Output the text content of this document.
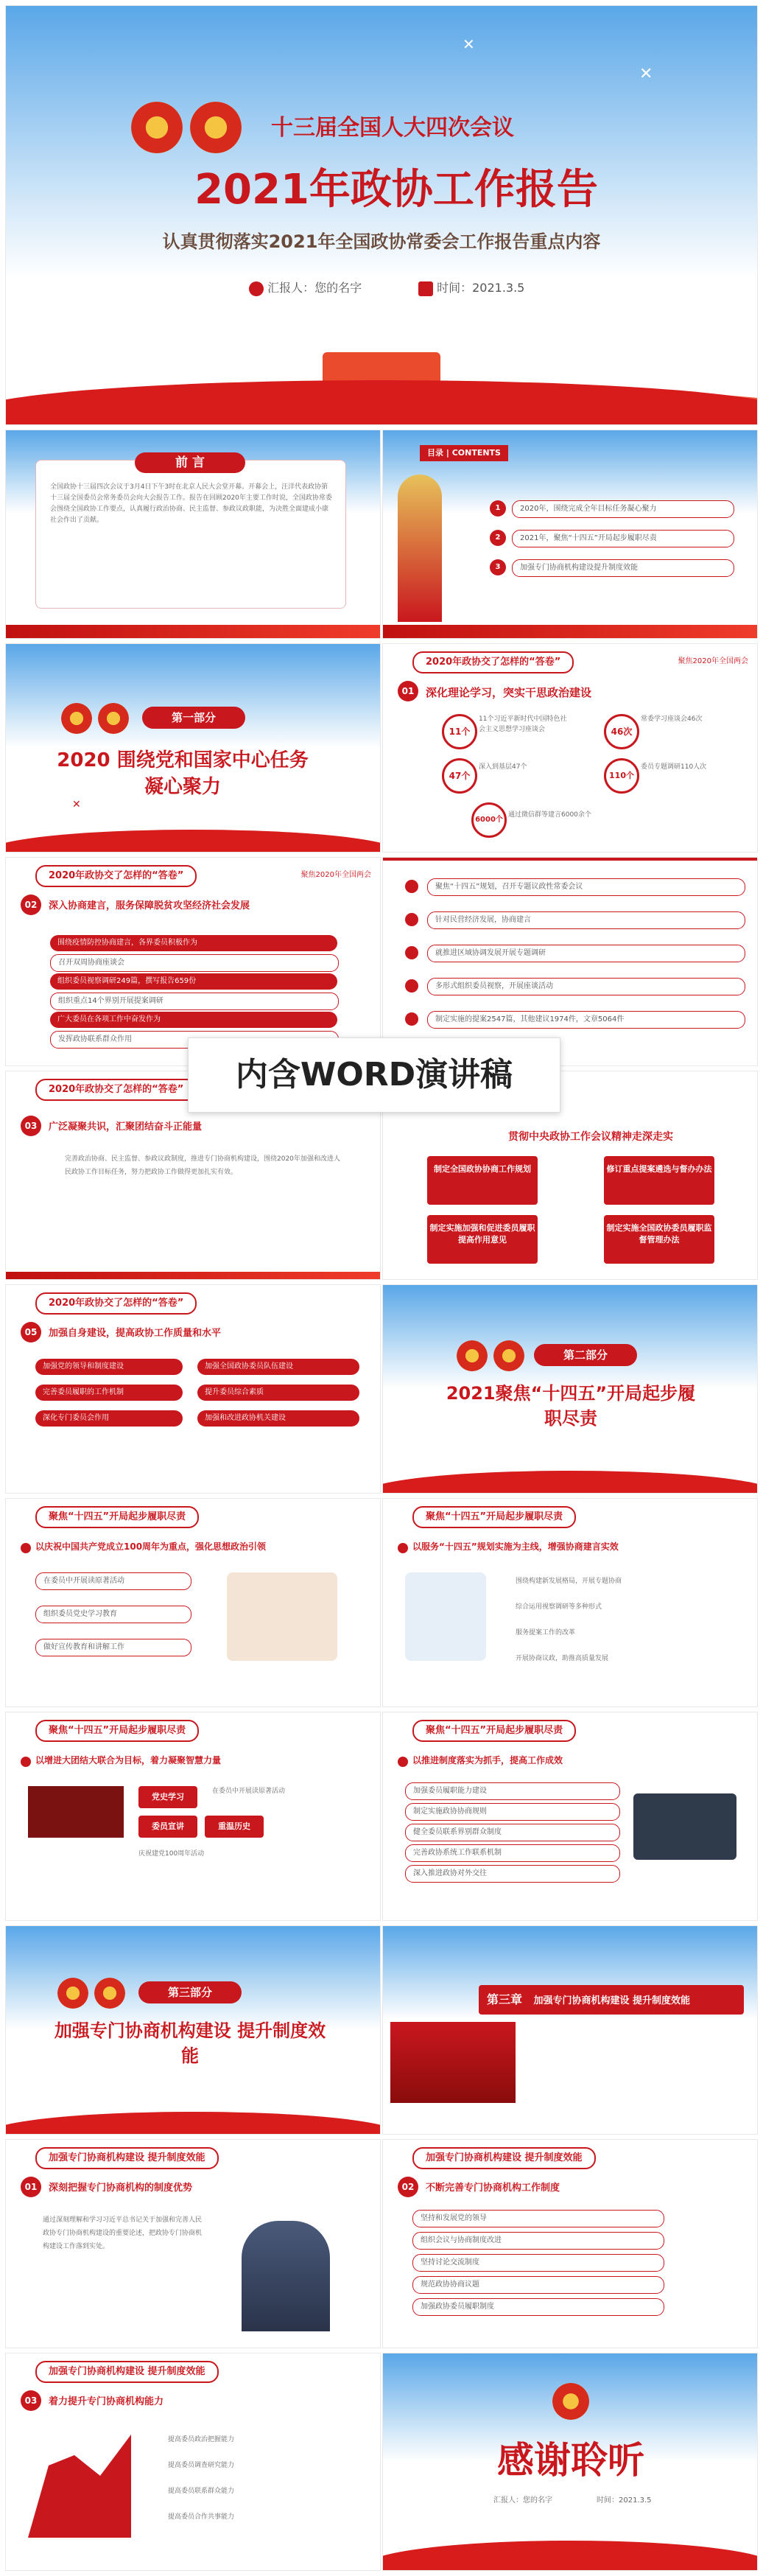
✕
✕
十三届全国人大四次会议
2021年政协工作报告
认真贯彻落实2021年全国政协常委会工作报告重点内容
汇报人：您的名字	时间：2021.3.5
前 言
全国政协十三届四次会议于3月4日下午3时在北京人民大会堂开幕。开幕会上，汪洋代表政协第十三届全国委员会常务委员会向大会报告工作。报告在回顾2020年主要工作时说，全国政协常委会围绕全国政协工作要点，认真履行政治协商、民主监督、参政议政职能，为决胜全面建成小康社会作出了贡献。
目录 | CONTENTS
1	2020年，围绕完成全年目标任务凝心聚力
2	2021年，聚焦“十四五”开局起步履职尽责
3	加强专门协商机构建设提升制度效能
第一部分
2020 围绕党和国家中心任务凝心聚力
✕
2020年政协交了怎样的“答卷”	聚焦2020年全国两会
01	深化理论学习，突实干思政治建设
11个
11个习近平新时代中国特色社会主义思想学习座谈会	46次
常委学习座谈会46次
47个
深入到基层47个
110个
委员专题调研110人次
6000个
通过微信群等建言6000余个
2020年政协交了怎样的“答卷”	聚焦2020年全国两会
02	深入协商建言，服务保障脱贫攻坚经济社会发展
围绕疫情防控协商建言，各界委员积极作为
召开双周协商座谈会
组织委员视察调研249篇，撰写报告659份
组织重点14个界别开展提案调研
广大委员在各项工作中奋发作为
发挥政协联系群众作用
聚焦“十四五”规划，召开专题议政性常委会议
针对民营经济发展，协商建言
就推进区域协调发展开展专题调研
多形式组织委员视察，开展座谈活动
制定实施的提案2547篇，其他建议1974件，文章5064件
2020年政协交了怎样的“答卷”
03	广泛凝聚共识，汇聚团结奋斗正能量
完善政治协商、民主监督、参政议政制度，推进专门协商机构建设，围绕2020年加强和改进人民政协工作目标任务，努力把政协工作做得更加扎实有效。
贯彻中央政协工作会议精神走深走实
制定全国政协协商工作规划	修订重点提案遴选与督办办法
制定实施加强和促进委员履职提高作用意见
制定实施全国政协委员履职监督管理办法
内含WORD演讲稿
2020年政协交了怎样的“答卷”
05	加强自身建设，提高政协工作质量和水平
加强党的领导和制度建设	加强全国政协委员队伍建设
完善委员履职的工作机制	提升委员综合素质
深化专门委员会作用	加强和改进政协机关建设
第二部分
2021聚焦“十四五”开局起步履职尽责
聚焦“十四五”开局起步履职尽责
以庆祝中国共产党成立100周年为重点，强化思想政治引领
在委员中开展读原著活动
组织委员党史学习教育
做好宣传教育和讲解工作
聚焦“十四五”开局起步履职尽责
以服务“十四五”规划实施为主线，增强协商建言实效
围绕构建新发展格局，开展专题协商
综合运用视察调研等多种形式
服务提案工作的改革
开展协商议政，助推高质量发展
聚焦“十四五”开局起步履职尽责
以增进大团结大联合为目标，着力凝聚智慧力量
党史学习
委员宣讲	重温历史
在委员中开展读原著活动
庆祝建党100周年活动
聚焦“十四五”开局起步履职尽责
以推进制度落实为抓手，提高工作成效
加强委员履职能力建设
制定实施政协协商规则
健全委员联系界别群众制度
完善政协系统工作联系机制
深入推进政协对外交往
第三部分
加强专门协商机构建设 提升制度效能
第三章 加强专门协商机构建设 提升制度效能
加强专门协商机构建设 提升制度效能
01	深刻把握专门协商机构的制度优势
通过深刻理解和学习习近平总书记关于加强和完善人民政协专门协商机构建设的重要论述，把政协专门协商机构建设工作落到实处。
加强专门协商机构建设 提升制度效能
02	不断完善专门协商机构工作制度
坚持和发展党的领导
组织会议与协商制度改进
坚持讨论交流制度
规范政协协商议题
加强政协委员履职制度
加强专门协商机构建设 提升制度效能
03	着力提升专门协商机构能力
提高委员政治把握能力
提高委员调查研究能力
提高委员联系群众能力
提高委员合作共事能力
感谢聆听
汇报人：您的名字	时间：2021.3.5
